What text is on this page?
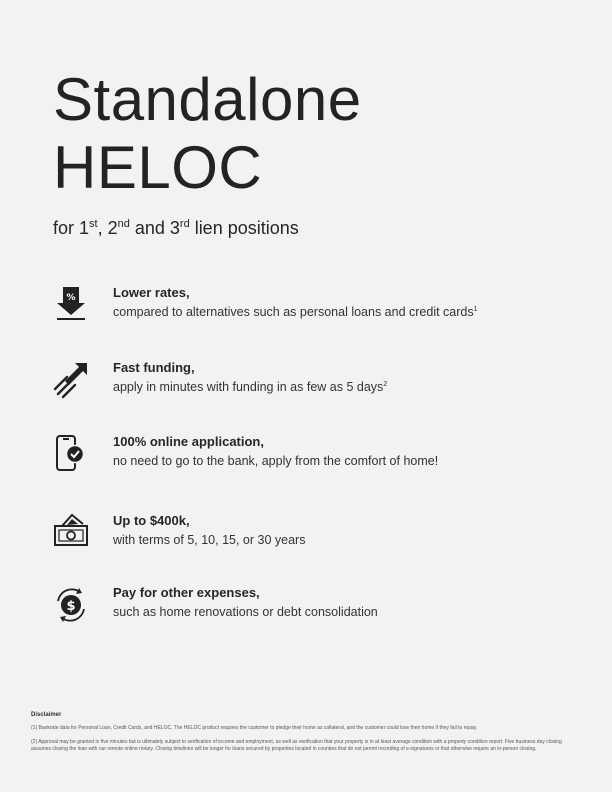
Standalone
HELOC
for 1st, 2nd and 3rd lien positions
%	Lower rates,
compared to alternatives such as personal loans and credit cards$^1$
Fast funding,
apply in minutes with funding in as few as 5 days$^2$
100% online application,
no need to go to the bank, apply from the comfort of home!
Up to $400k,
with terms of 5, 10, 15, or 30 years
$
Pay for other expenses,
such as home renovations or debt consolidation
Disclaimer

(1) Bankrate data for Personal Loan, Credit Cards, and HELOC. The HELOC product requires the customer to pledge their home as collateral, and the customer could lose their home if they fail to repay.

(2) Approval may be granted in five minutes but is ultimately subject to verification of income and employment, as well as verification that your property is in at least average condition with a property condition report. Five business day closing assumes closing the loan with our remote online notary. Closing timelines will be longer for loans secured by properties located in counties that do not permit recording of e-signatures or that otherwise require an in-person closing.
